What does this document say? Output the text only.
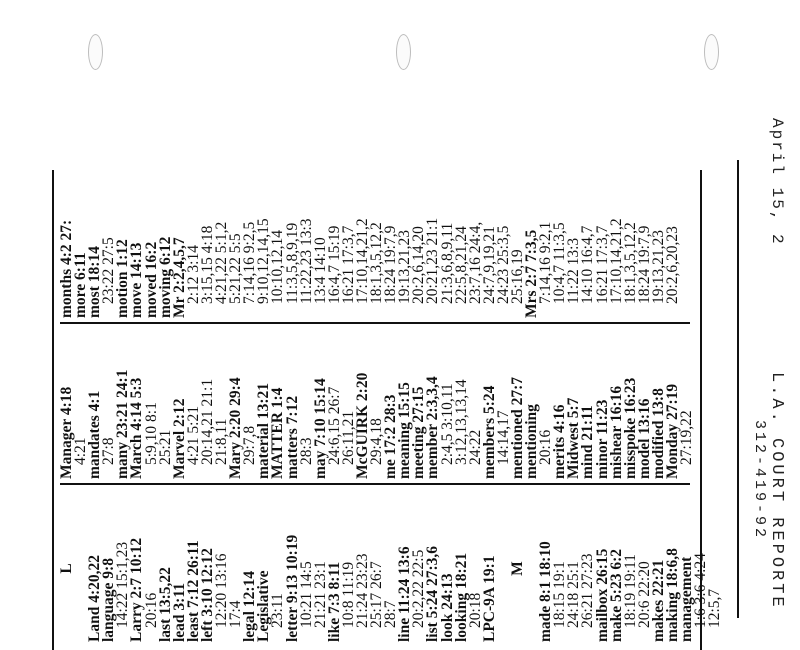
L Land 4:20,22
language 9:8
14:22 15:1,23
Larry 2:7 10:12
20:16
last 13:5,22
lead 3:11
least 7:12 26:11
left 3:10 12:12
12:20 13:16
17:4
legal 12:14
Legislative
23:11
letter 9:13 10:19
10:21 14:5
21:21 23:1
like 7:3 8:11
10:8 11:19
21:24 23:23
25:17 26:7
28:7
line 11:24 13:6
20:2,22 22:5
list 5:24 27:3,6
look 24:13
looking 18:21
20:18
LPC-9A 19:1 M made 8:1 18:10
18:15 19:1
24:18 25:1
26:21 27:23
mailbox 26:15
make 5:23 6:2
18:19 19:11
20:6 22:20
makes 22:21
making 18:6,8
management
1:6 3:6 4:24
12:5,7
Manager 4:18
4:21
mandates 4:1
27:8
many 23:21 24:1
March 4:14 5:3
5:9,10 8:1
25:21
Marvel 2:12
4:21 5:21
20:14,21 21:1
21:8,11
Mary 2:20 29:4
29:7,8
material 13:21
MATTER 1:4
matters 7:12
28:3
may 7:10 15:14
24:6,15 26:7
26:11,21
McGUIRK 2:20
29:4,18
me 17:2 28:3
meaning 15:15
meeting 27:15
member 2:3,3,4
2:4,5 3:10,11
3:12,13,13,14
24:22
members 5:24
14:14,17
mentioned 27:7
mentioning
20:16
merits 4:16
Midwest 5:7
mind 21:11
minor 11:23
mishear 16:16
misspoke 16:23
model 13:16
modified 13:8
Monday 27:19
27:19,22
months 4:2 27:
more 6:11
most 18:14
23:22 27:5
motion 1:12
move 14:13
moved 16:2
moving 6:12
Mr 2:2,4,5,7
2:12 3:14
3:15,15 4:18
4:21,22 5:1,2
5:21,22 5:5
7:14,16 9:2,5
9:10,12,14,15
10:10,12,14
11:3,5,8,9,19
11:22,23 13:3
13:4 14:10
16:4,7 15:19
16:21 17:3,7
17:10,14,21,2
18:1,3,5,12,2
18:24 19:7,9
19:13,21,23
20:2,6,14,20
20:21,23 21:1
21:3,6,8,9,11
22:5,8,21,24
23:7,16 24:4,
24:7,9,19,21
24:23 25:3,5
25:16,19
Mrs 2:7 7:3,5
7:14,16 9:2,1
10:4,7 11:3,5
11:22 13:3
14:10 16:4,7
16:21 17:3,7
17:10,14,21,2
18:1,3,5,12,2
18:24 19:7,9
19:13,21,23
20:2,6,20,23
April 15, 2
L.A. COURT REPORTE
312-419-92
